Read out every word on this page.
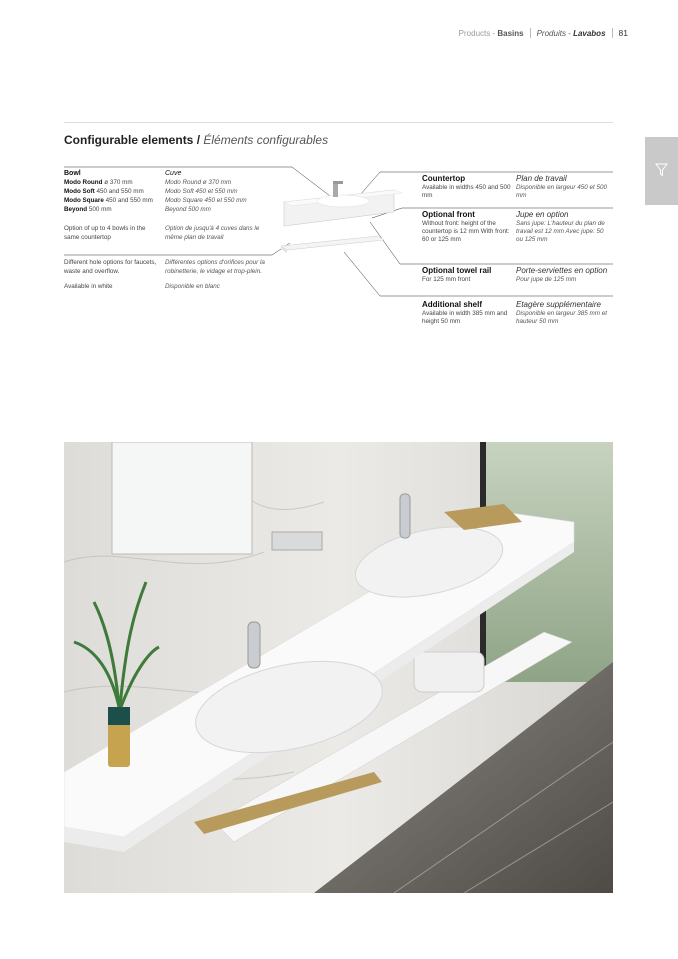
Products - Basins Produits - Lavabos 81
Configurable elements / Éléments configurables
Bowl
Modo Round ø 370 mm
Modo Soft 450 and 550 mm
Modo Square 450 and 550 mm
Beyond 500 mm
Option of up to 4 bowls in the same countertop
Cuve
Modo Round ø 370 mm
Modo Soft 450 et 550 mm
Modo Square 450 et 550 mm
Beyond 500 mm
Option de jusqu'à 4 cuves dans le même plan de travail
Different hole options for faucets, waste and overflow.
Différentes options d'orifices pour la robinetterie, le vidage et trop-plein.
Available in white	Disponible en blanc
Countertop
Available in widths 450 and 500 mm
Plan de travail
Disponible en largeur 450 et 500 mm
Optional front
Without front: height of the countertop is 12 mm With front: 60 or 125 mm
Jupe en option
Sans jupe: L'hauteur du plan de travail est 12 mm Avec jupe: 50 ou 125 mm
Optional towel rail
For 125 mm front
Porte-serviettes en option
Pour jupe de 125 mm
Additional shelf
Available in width 385 mm and height 50 mm
Etagère supplémentaire
Disponible en largeur 385 mm et hauteur 50 mm
